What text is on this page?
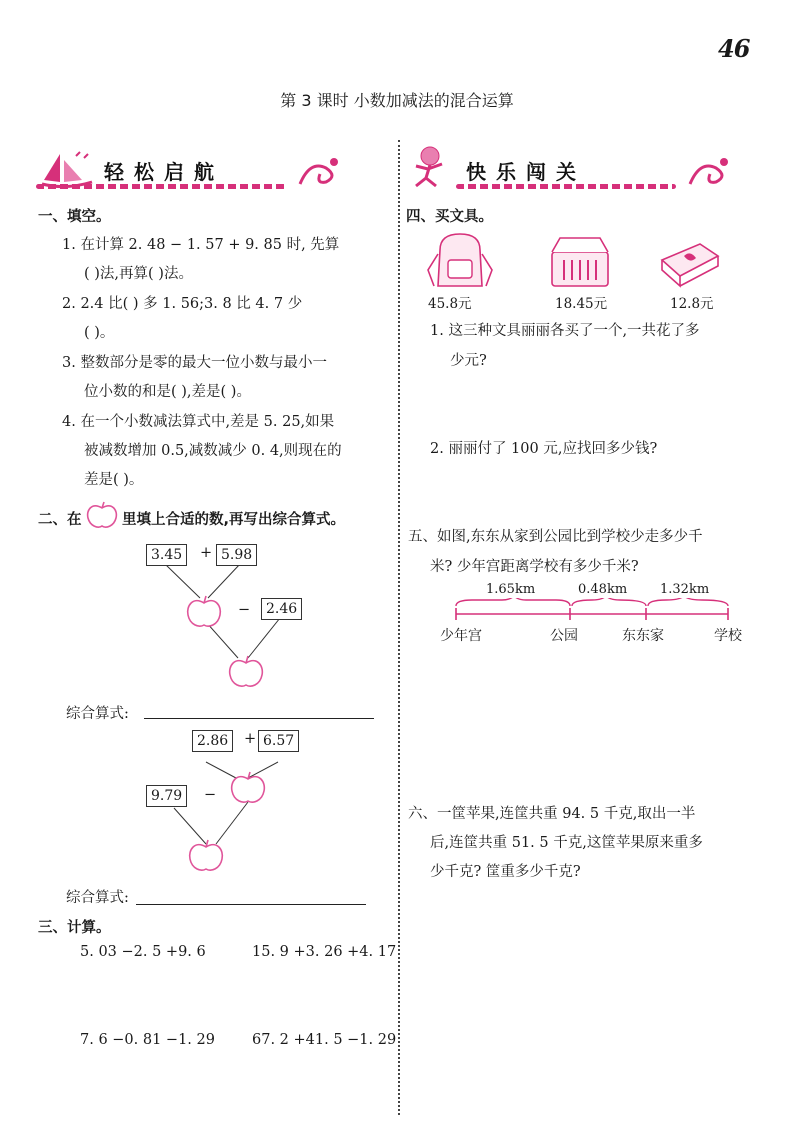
46
第 3 课时 小数加减法的混合运算
轻松启航	快乐闯关
一、填空。
1. 在计算 2. 48 − 1. 57 + 9. 85 时, 先算
( )法,再算( )法。
2. 2.4 比( ) 多 1. 56;3. 8 比 4. 7 少
( )。
3. 整数部分是零的最大一位小数与最小一
位小数的和是( ),差是( )。
4. 在一个小数减法算式中,差是 5. 25,如果
被减数增加 0.5,减数减少 0. 4,则现在的
差是( )。
二、在	里填上合适的数,再写出综合算式。
3.45	+ 5.98
−	2.46
综合算式:
2.86	+ 6.57
9.79	−
综合算式:
三、计算。
5. 03 −2. 5 +9. 6	15. 9 +3. 26 +4. 17
7. 6 −0. 81 −1. 29	67. 2 +41. 5 −1. 29
四、买文具。
45.8元	18.45元	12.8元
1. 这三种文具丽丽各买了一个,一共花了多
少元?
2. 丽丽付了 100 元,应找回多少钱?
五、如图,东东从家到公园比到学校少走多少千
米? 少年宫距离学校有多少千米?
1.65km	0.48km	1.32km
少年宫	公园	东东家	学校
六、一筐苹果,连筐共重 94. 5 千克,取出一半
后,连筐共重 51. 5 千克,这筐苹果原来重多
少千克? 筐重多少千克?
